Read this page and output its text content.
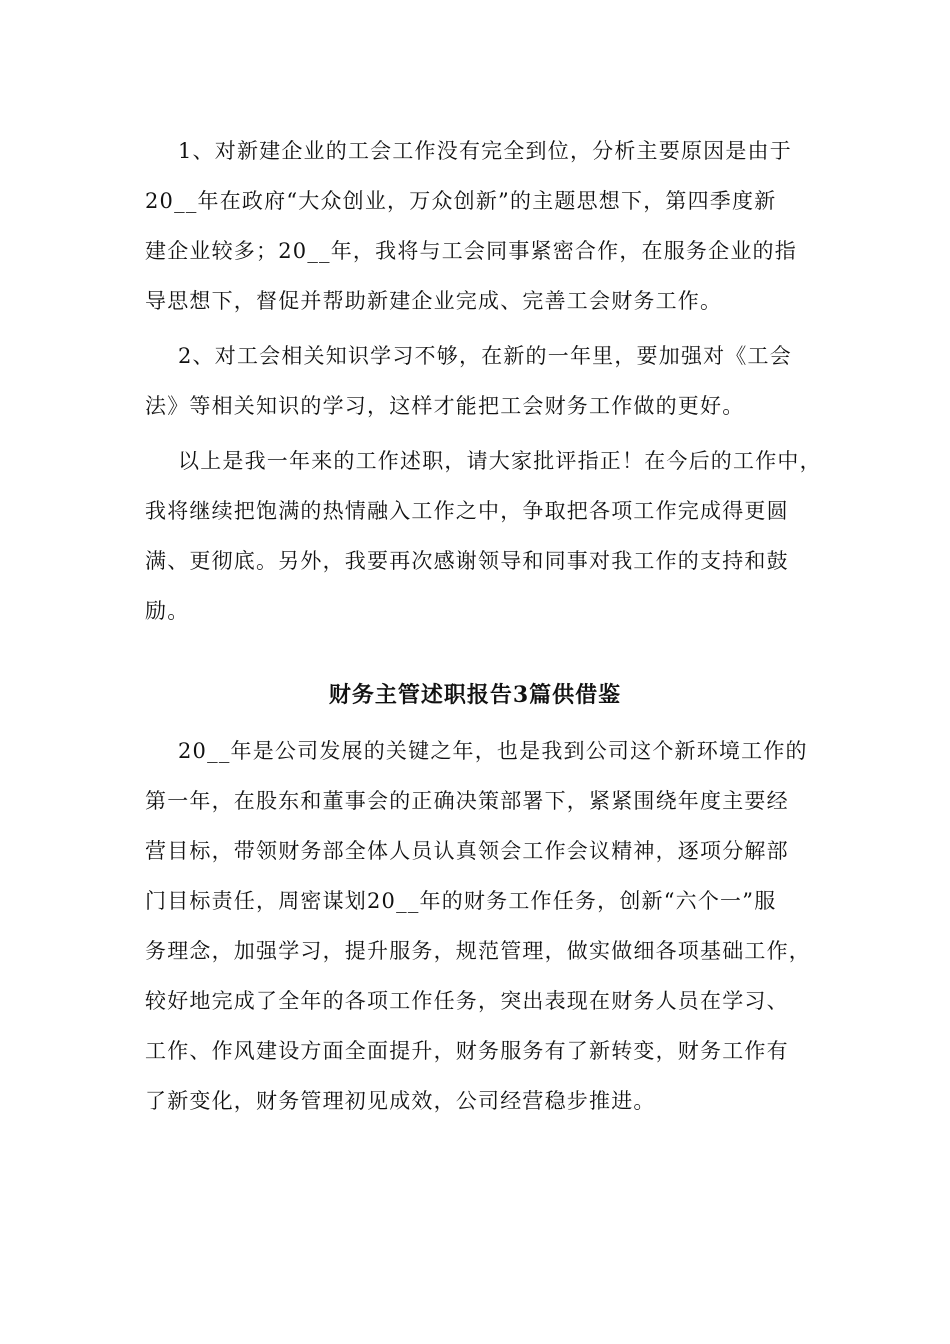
1、对新建企业的工会工作没有完全到位，分析主要原因是由于
20__年在政府“大众创业，万众创新”的主题思想下，第四季度新
建企业较多；20__年，我将与工会同事紧密合作，在服务企业的指
导思想下，督促并帮助新建企业完成、完善工会财务工作。
2、对工会相关知识学习不够，在新的一年里，要加强对《工会
法》等相关知识的学习，这样才能把工会财务工作做的更好。
以上是我一年来的工作述职，请大家批评指正！在今后的工作中，
我将继续把饱满的热情融入工作之中，争取把各项工作完成得更圆
满、更彻底。另外，我要再次感谢领导和同事对我工作的支持和鼓
励。
财务主管述职报告3篇供借鉴
20__年是公司发展的关键之年，也是我到公司这个新环境工作的
第一年，在股东和董事会的正确决策部署下，紧紧围绕年度主要经
营目标，带领财务部全体人员认真领会工作会议精神，逐项分解部
门目标责任，周密谋划20__年的财务工作任务，创新“六个一”服
务理念，加强学习，提升服务，规范管理，做实做细各项基础工作，
较好地完成了全年的各项工作任务，突出表现在财务人员在学习、
工作、作风建设方面全面提升，财务服务有了新转变，财务工作有
了新变化，财务管理初见成效，公司经营稳步推进。
